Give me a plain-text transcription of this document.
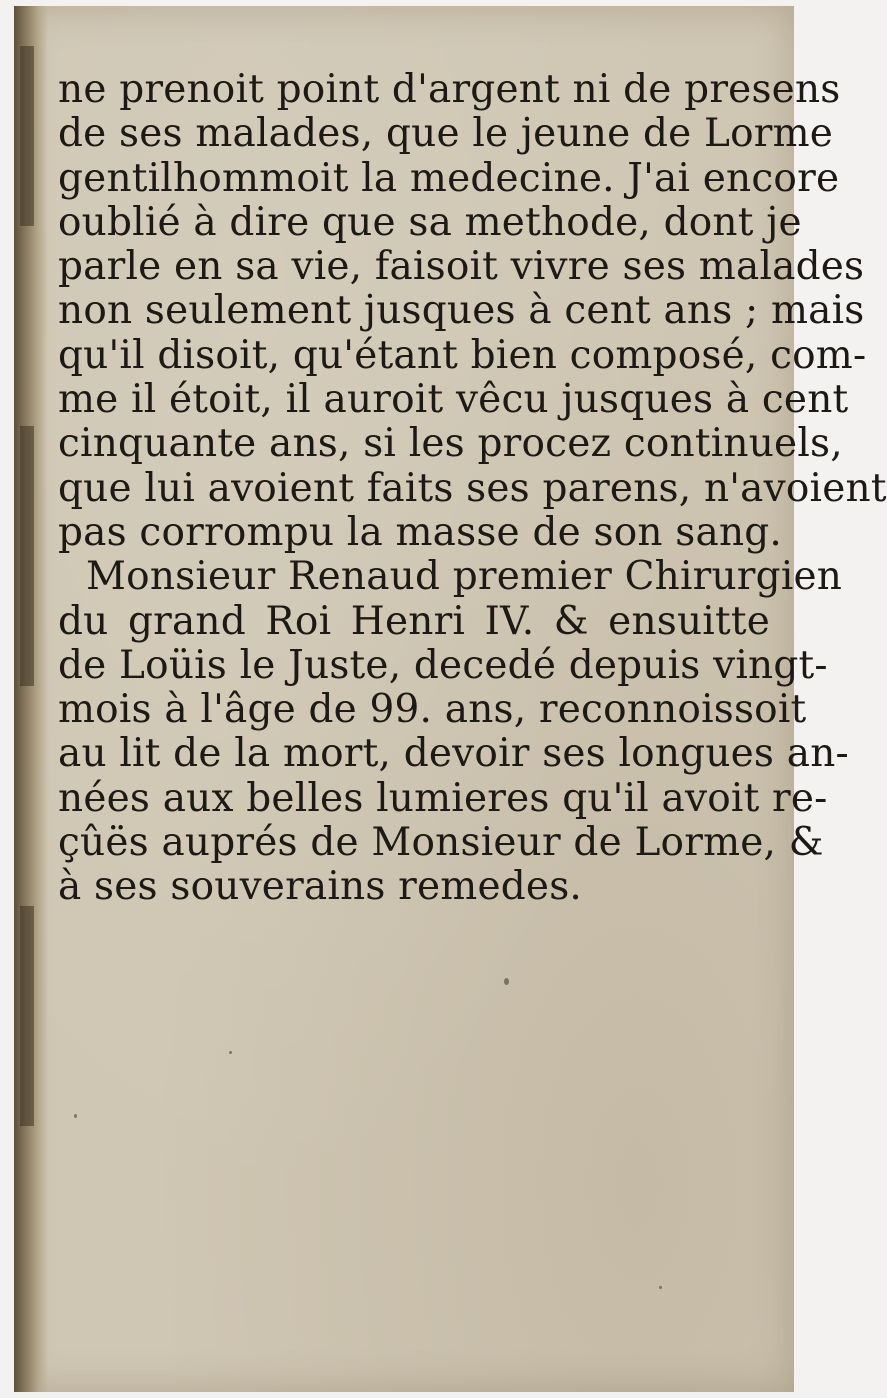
ne prenoit point d'argent ni de presens
de ses malades, que le jeune de Lorme
gentilhommoit la medecine. J'ai encore
oublié à dire que sa methode, dont je
parle en sa vie, faisoit vivre ses malades
non seulement jusques à cent ans ; mais
qu'il disoit, qu'étant bien composé, com-
me il étoit, il auroit vêcu jusques à cent
cinquante ans, si les procez continuels,
que lui avoient faits ses parens, n'avoient
pas corrompu la masse de son sang.
Monsieur Renaud premier Chirurgien
du grand Roi Henri IV. & ensuitte
de Loüis le Juste, decedé depuis vingt-
mois à l'âge de 99. ans, reconnoissoit
au lit de la mort, devoir ses longues an-
nées aux belles lumieres qu'il avoit re-
çûës auprés de Monsieur de Lorme, &
à ses souverains remedes.
